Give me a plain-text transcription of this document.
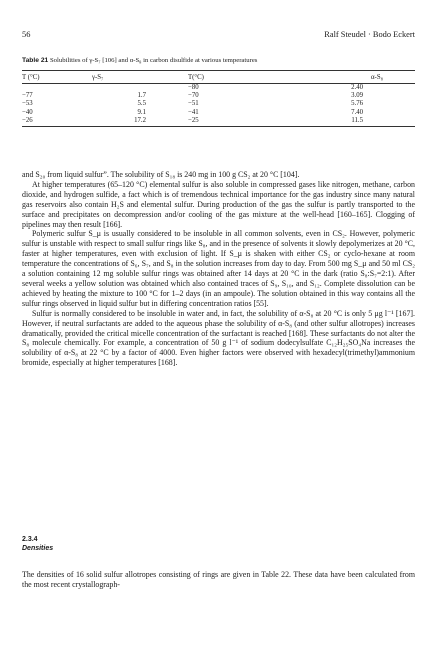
56	Ralf Steudel · Bodo Eckert
Table 21 Solubilities of γ-S₇ [106] and α-S₈ in carbon disulfide at various temperatures
T (°C)	γ-S₇	T(°C)	α-S₈
		−80	2.40
−77	1.7	−70	3.09
−53	5.5	−51	5.76
−40	9.1	−41	7.40
−26	17.2	−25	11.5

and S₂₀ from liquid sulfur”. The solubility of S₁₈ is 240 mg in 100 g CS₂ at 20 °C [104].

At higher temperatures (65–120 °C) elemental sulfur is also soluble in compressed gases like nitrogen, methane, carbon dioxide, and hydrogen sulfide, a fact which is of tremendous technical importance for the gas industry since many natural gas reservoirs also contain H₂S and elemental sulfur. During production of the gas the sulfur is partly transported to the surface and precipitates on decompression and/or cooling of the gas mixture at the well-head [160–165]. Clogging of pipelines may then result [166].

Polymeric sulfur S_μ is usually considered to be insoluble in all common solvents, even in CS₂. However, polymeric sulfur is unstable with respect to small sulfur rings like S₈, and in the presence of solvents it slowly depolymerizes at 20 °C, faster at higher temperatures, even with exclusion of light. If S_μ is shaken with either CS₂ or cyclo-hexane at room temperature the concentrations of S₆, S₇, and S₈ in the solution increases from day to day. From 500 mg S_μ and 50 ml CS₂ a solution containing 12 mg soluble sulfur rings was obtained after 14 days at 20 °C in the dark (ratio S₈:S₇=2:1). After several weeks a yellow solution was obtained which also contained traces of S₉, S₁₀, and S₁₂. Complete dissolution can be achieved by heating the mixture to 100 °C for 1–2 days (in an ampoule). The solution obtained in this way contains all the sulfur rings observed in liquid sulfur but in differing concentration ratios [55].

Sulfur is normally considered to be insoluble in water and, in fact, the solubility of α-S₈ at 20 °C is only 5 μg l⁻¹ [167]. However, if neutral surfactants are added to the aqueous phase the solubility of α-S₈ (and other sulfur allotropes) increases dramatically, provided the critical micelle concentration of the surfactant is reached [168]. These surfactants do not alter the S₈ molecule chemically. For example, a concentration of 50 g l⁻¹ of sodium dodecylsulfate C₁₂H₂₅SO₄Na increases the solubility of α-S₈ at 22 °C by a factor of 4000. Even higher factors were observed with hexadecyl(trimethyl)ammonium bromide, especially at higher temperatures [168].

2.3.4
Densities

The densities of 16 solid sulfur allotropes consisting of rings are given in Table 22. These data have been calculated from the most recent crystallograph-
